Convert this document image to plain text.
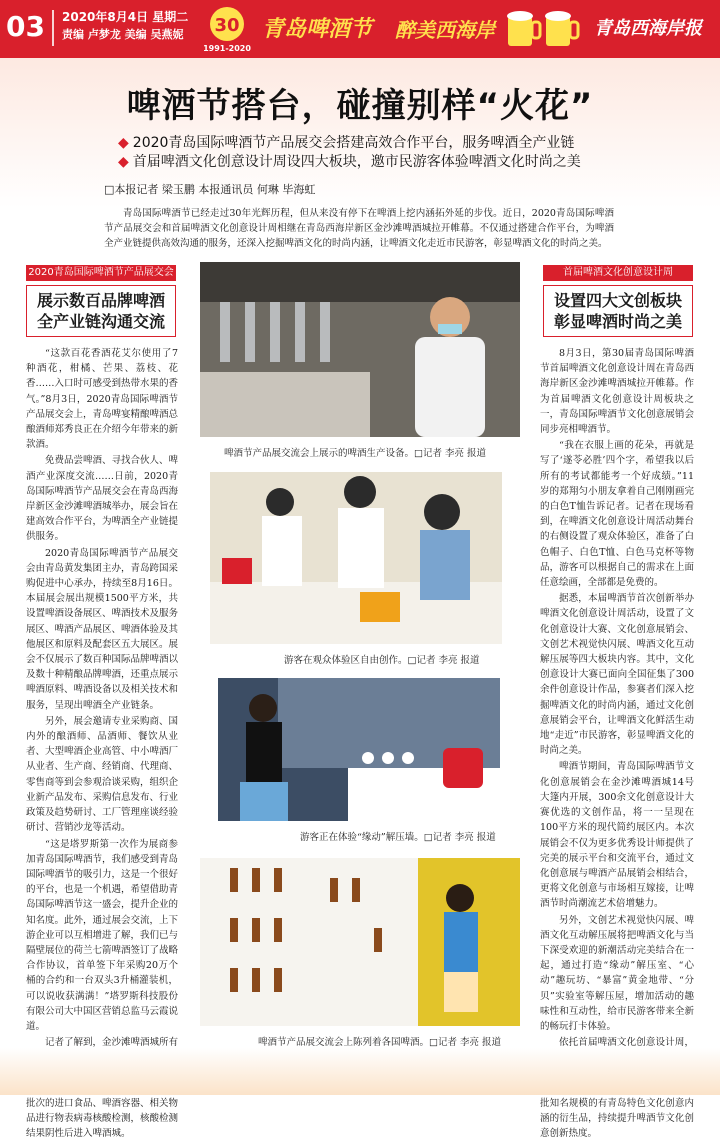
03	2020年8月4日 星期二
责编 卢梦龙 美编 吴燕妮 30
1991-2020
青岛啤酒节 醉美西海岸	青岛西海岸报
啤酒节搭台，碰撞别样“火花”
◆ 2020青岛国际啤酒节产品展交会搭建高效合作平台，服务啤酒全产业链
◆ 首届啤酒文化创意设计周设四大板块，邀市民游客体验啤酒文化时尚之美
□本报记者 梁玉鹏 本报通讯员 何琳 毕海虹
青岛国际啤酒节已经走过30年光辉历程，但从来没有停下在啤酒上挖内涵拓外延的步伐。近日，2020青岛国际啤酒节产品展交会和首届啤酒文化创意设计周相继在青岛西海岸新区金沙滩啤酒城拉开帷幕。不仅通过搭建合作平台，为啤酒全产业链提供高效沟通的服务，还深入挖掘啤酒文化的时尚内涵，让啤酒文化走近市民游客，彰显啤酒文化的时尚之美。
2020青岛国际啤酒节产品展交会
展示数百品牌啤酒
全产业链沟通交流

“这款百花香酒花艾尔使用了7种酒花，柑橘、芒果、荔枝、花香……入口时可感受到热带水果的香气。”8月3日，2020青岛国际啤酒节产品展交会上，青岛啤宴精酿啤酒总酿酒师郑秀良正在介绍今年带来的新款酒。

免费品尝啤酒、寻找合伙人、啤酒产业深度交流……日前，2020青岛国际啤酒节产品展交会在青岛西海岸新区金沙滩啤酒城举办，展会旨在建高效合作平台，为啤酒全产业链提供服务。

2020青岛国际啤酒节产品展交会由青岛黄发集团主办，青岛跨国采购促进中心承办，持续至8月16日。本届展会展出规模1500平方米，共设置啤酒设备展区、啤酒技术及服务展区、啤酒产品展区、啤酒体验及其他展区和原料及配套区五大展区。展会不仅展示了数百种国际品牌啤酒以及数十种精酿品牌啤酒，还重点展示啤酒原料、啤酒设备以及相关技术和服务，呈现出啤酒全产业链条。

另外，展会邀请专业采购商、国内外的酿酒师、品酒师、餐饮从业者、大型啤酒企业高管、中小啤酒厂从业者、生产商、经销商、代理商、零售商等到会参观洽谈采购，组织企业新产品发布、采购信息发布、行业政策及趋势研讨、工厂管理座谈经验研讨、营销沙龙等活动。

“这是塔罗斯第一次作为展商参加青岛国际啤酒节，我们感受到青岛国际啤酒节的吸引力，这是一个很好的平台，也是一个机遇，希望借助青岛国际啤酒节这一盛会，提升企业的知名度。此外，通过展会交流，上下游企业可以互相增进了解，我们已与隔壁展位的荷兰七箭啤酒签订了战略合作协议，首单签下年采购20万个桶的合约和一台双头3升桶灌装机，可以说收获满满！”塔罗斯科技股份有限公司大中国区营销总监马云霞说道。

记者了解到，金沙滩啤酒城所有 批次的进口食品、啤酒容器、相关物品进行物表病毒核酸检测，核酸检测结果阴性后进入啤酒城。

啤酒节产品展交流会上展示的啤酒生产设备。□记者 李亮 报道
游客在观众体验区自由创作。□记者 李亮 报道
游客正在体验“缘动”解压墙。□记者 李亮 报道
啤酒节产品展交流会上陈列着各国啤酒。□记者 李亮 报道
首届啤酒文化创意设计周
设置四大文创板块
彰显啤酒时尚之美

8月3日，第30届青岛国际啤酒节首届啤酒文化创意设计周在青岛西海岸新区金沙滩啤酒城拉开帷幕。作为首届啤酒文化创意设计周板块之一，青岛国际啤酒节文化创意展销会同步亮相啤酒节。

“我在衣服上画的花朵，再就是写了‘遂苓必胜’四个字，希望我以后所有的考试都能考一个好成绩。”11岁的郑翔匀小朋友拿着自己刚刚画完的白色T恤告诉记者。记者在现场看到，在啤酒文化创意设计周活动舞台的右侧设置了观众体验区，准备了白色帽子、白色T恤、白色马克杯等物品，游客可以根据自己的需求在上面任意绘画，全部都是免费的。

据悉，本届啤酒节首次创新举办啤酒文化创意设计周活动，设置了文化创意设计大赛、文化创意展销会、文创艺术视觉快闪展、啤酒文化互动解压展等四大板块内容。其中，文化创意设计大赛已面向全国征集了300余件创意设计作品，参赛者们深入挖掘啤酒文化的时尚内涵，通过文化创意展销会平台，让啤酒文化鲜活生动地“走近”市民游客，彰显啤酒文化的时尚之美。

啤酒节期间，青岛国际啤酒节文化创意展销会在金沙滩啤酒城14号大篷内开展，300余文化创意设计大赛优选的文创作品，将一一呈现在100平方米的现代简约展区内。本次展销会不仅为更多优秀设计师提供了完美的展示平台和交流平台，通过文化创意展与啤酒产品展销会相结合，更将文化创意与市场相互嫁接，让啤酒节时尚潮流艺术倍增魅力。

另外，文创艺术视觉快闪展、啤酒文化互动解压展将把啤酒文化与当下深受欢迎的新潮活动完美结合在一起，通过打造“缘动”解压室、“心动”趣玩坊、“暴富”黄金地带、“分贝”实验室等解压屋，增加活动的趣味性和互动性，给市民游客带来全新的畅玩打卡体验。

依托首届啤酒文化创意设计周， 批知名规模的有青岛特色文化创意内涵的衍生品，持续提升啤酒节文化创意创新热度。
